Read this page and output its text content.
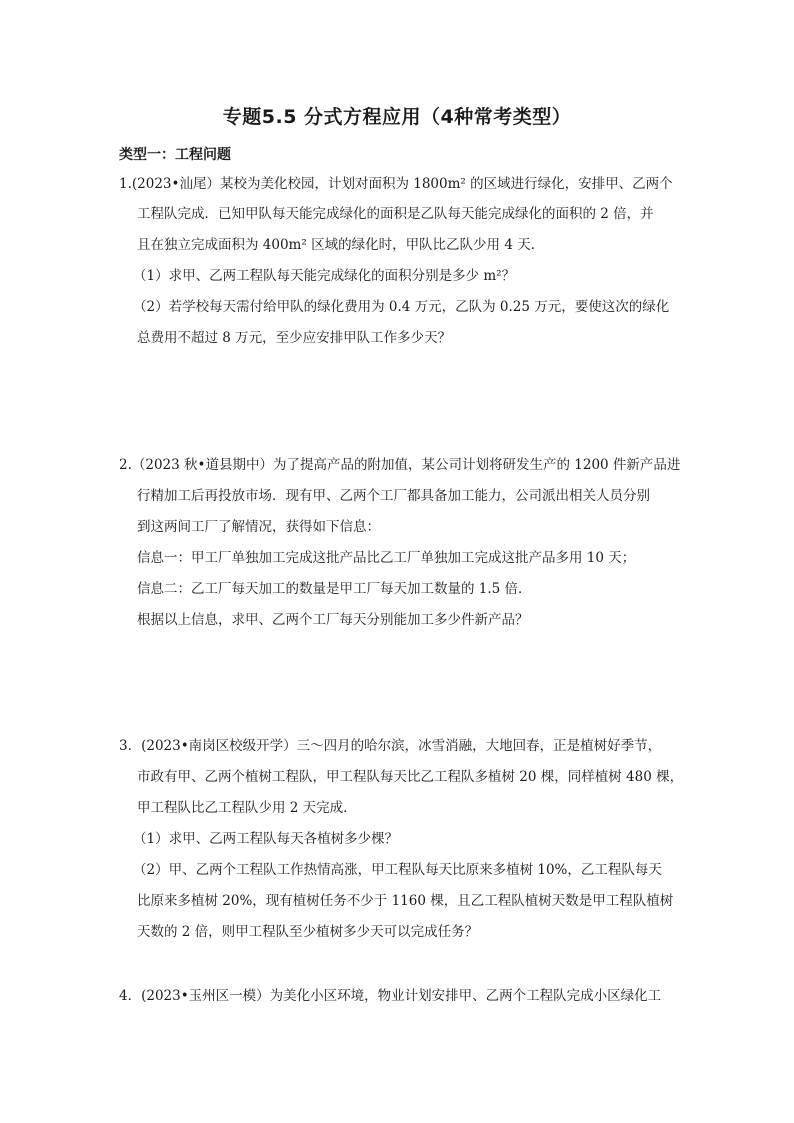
专题5.5 分式方程应用（4种常考类型）
类型一：工程问题
1.(2023•汕尾）某校为美化校园，计划对面积为 1800m² 的区域进行绿化，安排甲、乙两个
工程队完成．已知甲队每天能完成绿化的面积是乙队每天能完成绿化的面积的 2 倍，并
且在独立完成面积为 400m² 区域的绿化时，甲队比乙队少用 4 天．
（1）求甲、乙两工程队每天能完成绿化的面积分别是多少 m²？
（2）若学校每天需付给甲队的绿化费用为 0.4 万元，乙队为 0.25 万元，要使这次的绿化
总费用不超过 8 万元，至少应安排甲队工作多少天？
2.（2023 秋•道县期中）为了提高产品的附加值，某公司计划将研发生产的 1200 件新产品进
行精加工后再投放市场．现有甲、乙两个工厂都具备加工能力，公司派出相关人员分别
到这两间工厂了解情况，获得如下信息：
信息一：甲工厂单独加工完成这批产品比乙工厂单独加工完成这批产品多用 10 天；
信息二：乙工厂每天加工的数量是甲工厂每天加工数量的 1.5 倍．
根据以上信息，求甲、乙两个工厂每天分别能加工多少件新产品？
3．(2023•南岗区校级开学）三～四月的哈尔滨，冰雪消融，大地回春，正是植树好季节，
市政有甲、乙两个植树工程队，甲工程队每天比乙工程队多植树 20 棵，同样植树 480 棵，
甲工程队比乙工程队少用 2 天完成．
（1）求甲、乙两工程队每天各植树多少棵？
（2）甲、乙两个工程队工作热情高涨，甲工程队每天比原来多植树 10%，乙工程队每天
比原来多植树 20%，现有植树任务不少于 1160 棵，且乙工程队植树天数是甲工程队植树
天数的 2 倍，则甲工程队至少植树多少天可以完成任务？
4．(2023•玉州区一模）为美化小区环境，物业计划安排甲、乙两个工程队完成小区绿化工
